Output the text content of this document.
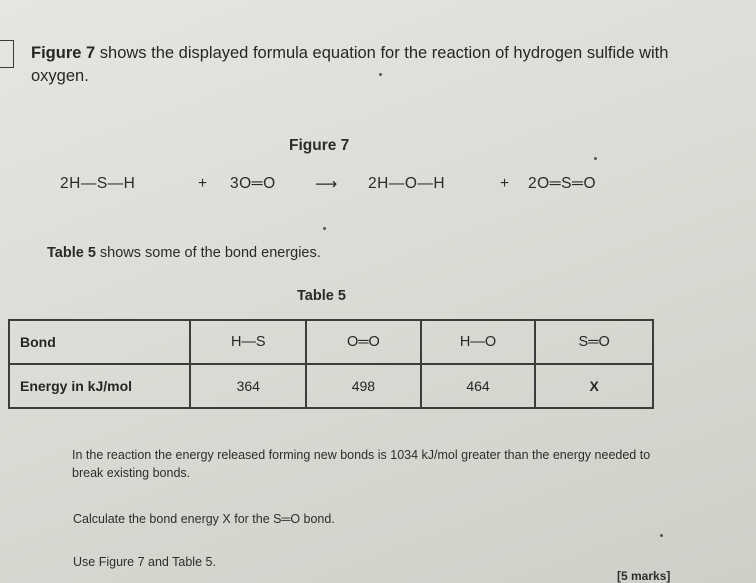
Figure 7 shows the displayed formula equation for the reaction of hydrogen sulfide with oxygen.
Figure 7
2H—S—H	+ 3O═O	⟶ 2H—O—H	+ 2O═S═O
Table 5 shows some of the bond energies.
Table 5
Bond	H—S	O═O	H—O	S═O
Energy in kJ/mol	364	498	464	X
In the reaction the energy released forming new bonds is 1034 kJ/mol greater than the energy needed to break existing bonds.
Calculate the bond energy X for the S═O bond.
Use Figure 7 and Table 5.
[5 marks]
